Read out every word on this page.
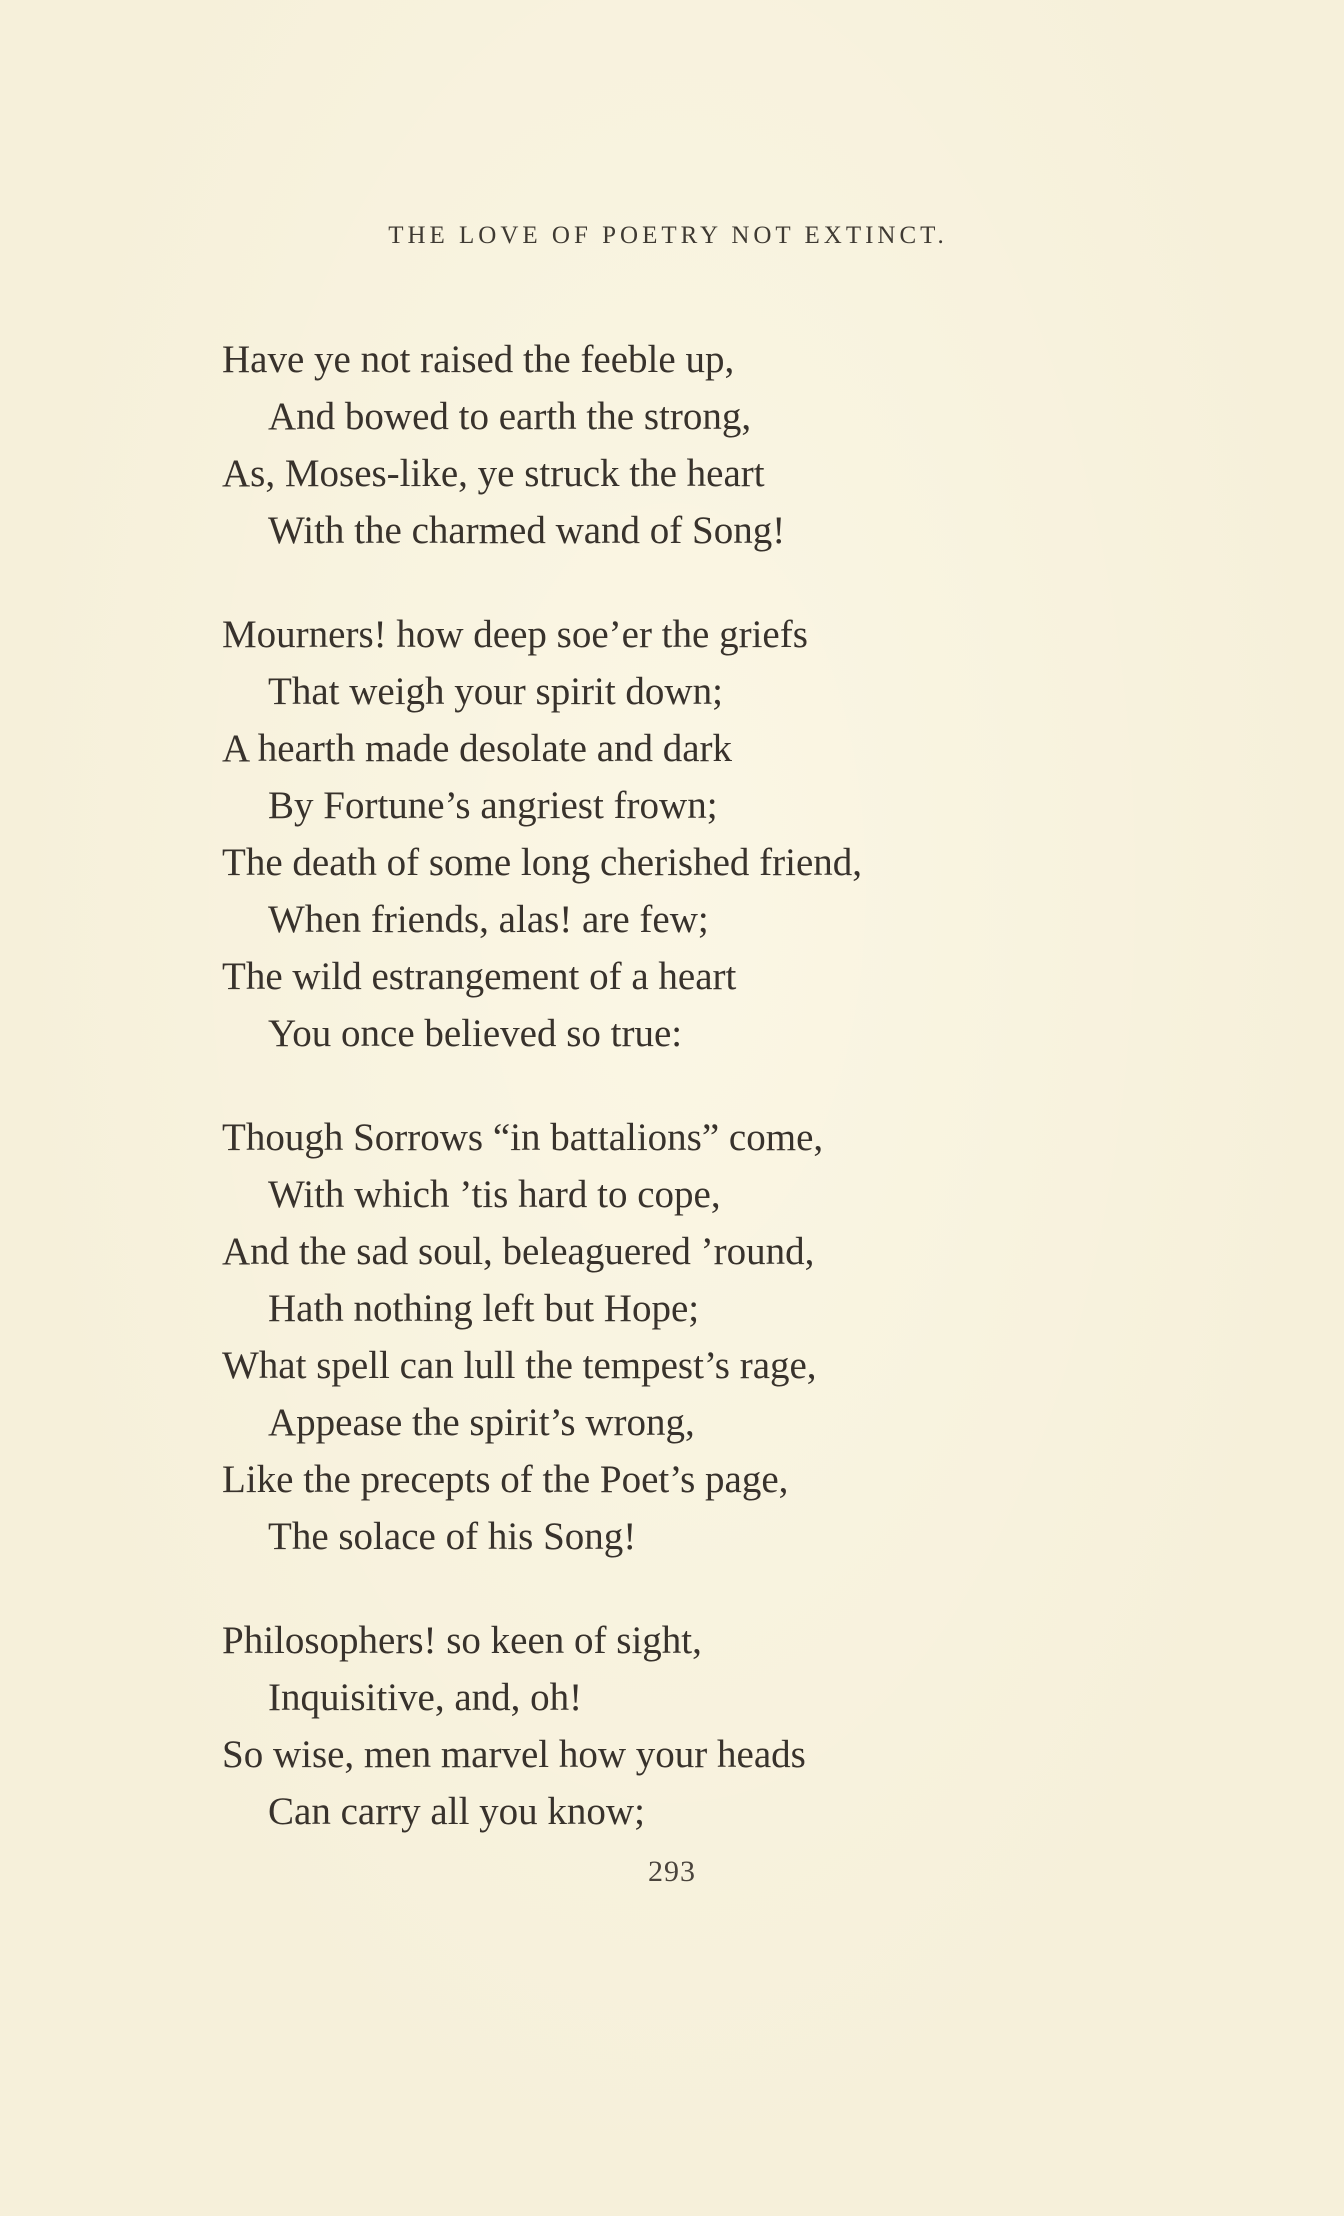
THE LOVE OF POETRY NOT EXTINCT.
Have ye not raised the feeble up,
And bowed to earth the strong,
As, Moses-like, ye struck the heart
With the charmed wand of Song!
Mourners! how deep soe’er the griefs
That weigh your spirit down;
A hearth made desolate and dark
By Fortune’s angriest frown;
The death of some long cherished friend,
When friends, alas! are few;
The wild estrangement of a heart
You once believed so true:
Though Sorrows “in battalions” come,
With which ’tis hard to cope,
And the sad soul, beleaguered ’round,
Hath nothing left but Hope;
What spell can lull the tempest’s rage,
Appease the spirit’s wrong,
Like the precepts of the Poet’s page,
The solace of his Song!
Philosophers! so keen of sight,
Inquisitive, and, oh!
So wise, men marvel how your heads
Can carry all you know;
293
